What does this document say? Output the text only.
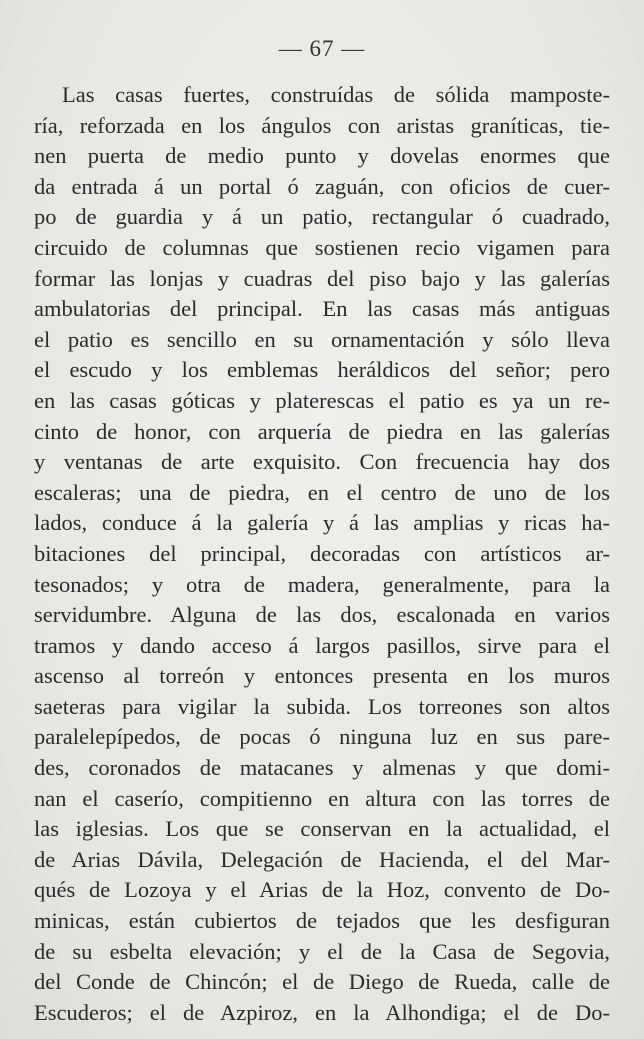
— 67 —
Las casas fuertes, construídas de sólida mamposte-
ría, reforzada en los ángulos con aristas graníticas, tie-
nen puerta de medio punto y dovelas enormes que
da entrada á un portal ó zaguán, con oficios de cuer-
po de guardia y á un patio, rectangular ó cuadrado,
circuido de columnas que sostienen recio vigamen para
formar las lonjas y cuadras del piso bajo y las galerías
ambulatorias del principal. En las casas más antiguas
el patio es sencillo en su ornamentación y sólo lleva
el escudo y los emblemas heráldicos del señor; pero
en las casas góticas y platerescas el patio es ya un re-
cinto de honor, con arquería de piedra en las galerías
y ventanas de arte exquisito. Con frecuencia hay dos
escaleras; una de piedra, en el centro de uno de los
lados, conduce á la galería y á las amplias y ricas ha-
bitaciones del principal, decoradas con artísticos ar-
tesonados; y otra de madera, generalmente, para la
servidumbre. Alguna de las dos, escalonada en varios
tramos y dando acceso á largos pasillos, sirve para el
ascenso al torreón y entonces presenta en los muros
saeteras para vigilar la subida. Los torreones son altos
paralelepípedos, de pocas ó ninguna luz en sus pare-
des, coronados de matacanes y almenas y que domi-
nan el caserío, compitienno en altura con las torres de
las iglesias. Los que se conservan en la actualidad, el
de Arias Dávila, Delegación de Hacienda, el del Mar-
qués de Lozoya y el Arias de la Hoz, convento de Do-
minicas, están cubiertos de tejados que les desfiguran
de su esbelta elevación; y el de la Casa de Segovia,
del Conde de Chincón; el de Diego de Rueda, calle de
Escuderos; el de Azpiroz, en la Alhondiga; el de Do-
